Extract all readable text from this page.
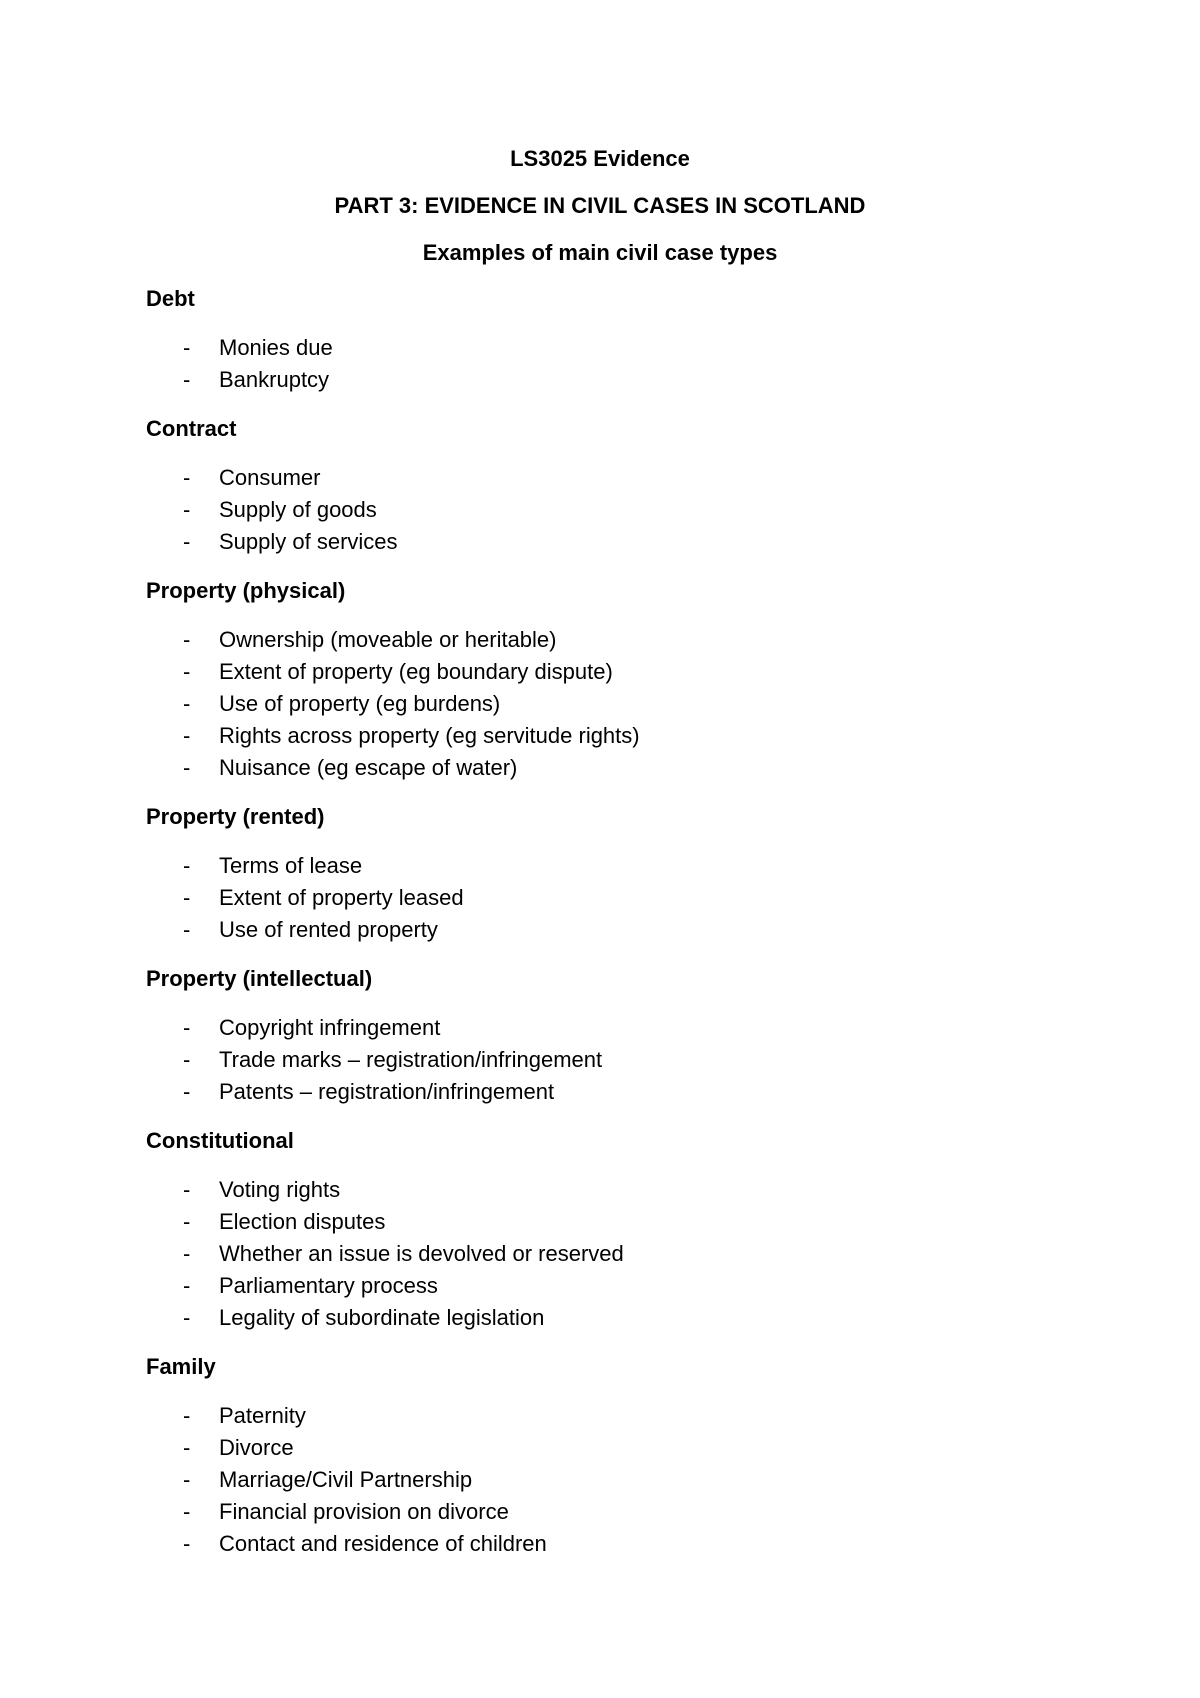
LS3025 Evidence
PART 3: EVIDENCE IN CIVIL CASES IN SCOTLAND
Examples of main civil case types
Debt
- Monies due
- Bankruptcy
Contract
- Consumer
- Supply of goods
- Supply of services
Property (physical)
- Ownership (moveable or heritable)
- Extent of property (eg boundary dispute)
- Use of property (eg burdens)
- Rights across property (eg servitude rights)
- Nuisance (eg escape of water)
Property (rented)
- Terms of lease
- Extent of property leased
- Use of rented property
Property (intellectual)
- Copyright infringement
- Trade marks – registration/infringement
- Patents – registration/infringement
Constitutional
- Voting rights
- Election disputes
- Whether an issue is devolved or reserved
- Parliamentary process
- Legality of subordinate legislation
Family
- Paternity
- Divorce
- Marriage/Civil Partnership
- Financial provision on divorce
- Contact and residence of children
